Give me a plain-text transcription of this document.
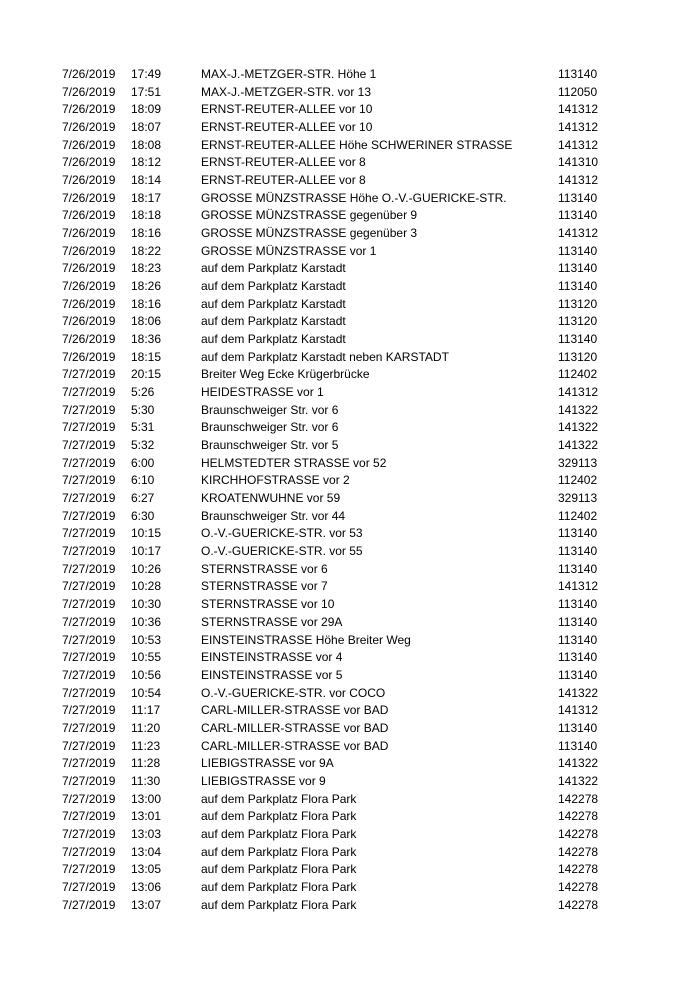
7/26/2019 17:49	MAX-J.-METZGER-STR. Höhe 1	113140
7/26/2019 17:51	MAX-J.-METZGER-STR. vor 13	112050
7/26/2019 18:09	ERNST-REUTER-ALLEE vor 10	141312
7/26/2019 18:07	ERNST-REUTER-ALLEE vor 10	141312
7/26/2019 18:08	ERNST-REUTER-ALLEE Höhe SCHWERINER STRASSE	141312
7/26/2019 18:12	ERNST-REUTER-ALLEE vor 8	141310
7/26/2019 18:14	ERNST-REUTER-ALLEE vor 8	141312
7/26/2019 18:17	GROSSE MÜNZSTRASSE Höhe O.-V.-GUERICKE-STR.	113140
7/26/2019 18:18	GROSSE MÜNZSTRASSE gegenüber 9	113140
7/26/2019 18:16	GROSSE MÜNZSTRASSE gegenüber 3	141312
7/26/2019 18:22	GROSSE MÜNZSTRASSE vor 1	113140
7/26/2019 18:23	auf dem Parkplatz Karstadt	113140
7/26/2019 18:26	auf dem Parkplatz Karstadt	113140
7/26/2019 18:16	auf dem Parkplatz Karstadt	113120
7/26/2019 18:06	auf dem Parkplatz Karstadt	113120
7/26/2019 18:36	auf dem Parkplatz Karstadt	113140
7/26/2019 18:15	auf dem Parkplatz Karstadt neben KARSTADT	113120
7/27/2019 20:15	Breiter Weg Ecke Krügerbrücke	112402
7/27/2019 5:26	HEIDESTRASSE vor 1	141312
7/27/2019 5:30	Braunschweiger Str. vor 6	141322
7/27/2019 5:31	Braunschweiger Str. vor 6	141322
7/27/2019 5:32	Braunschweiger Str. vor 5	141322
7/27/2019 6:00	HELMSTEDTER STRASSE vor 52	329113
7/27/2019 6:10	KIRCHHOFSTRASSE vor 2	112402
7/27/2019 6:27	KROATENWUHNE vor 59	329113
7/27/2019 6:30	Braunschweiger Str. vor 44	112402
7/27/2019 10:15	O.-V.-GUERICKE-STR. vor 53	113140
7/27/2019 10:17	O.-V.-GUERICKE-STR. vor 55	113140
7/27/2019 10:26	STERNSTRASSE vor 6	113140
7/27/2019 10:28	STERNSTRASSE vor 7	141312
7/27/2019 10:30	STERNSTRASSE vor 10	113140
7/27/2019 10:36	STERNSTRASSE vor 29A	113140
7/27/2019 10:53	EINSTEINSTRASSE Höhe Breiter Weg	113140
7/27/2019 10:55	EINSTEINSTRASSE vor 4	113140
7/27/2019 10:56	EINSTEINSTRASSE vor 5	113140
7/27/2019 10:54	O.-V.-GUERICKE-STR. vor COCO	141322
7/27/2019 11:17	CARL-MILLER-STRASSE vor BAD	141312
7/27/2019 11:20	CARL-MILLER-STRASSE vor BAD	113140
7/27/2019 11:23	CARL-MILLER-STRASSE vor BAD	113140
7/27/2019 11:28	LIEBIGSTRASSE vor 9A	141322
7/27/2019 11:30	LIEBIGSTRASSE vor 9	141322
7/27/2019 13:00	auf dem Parkplatz Flora Park	142278
7/27/2019 13:01	auf dem Parkplatz Flora Park	142278
7/27/2019 13:03	auf dem Parkplatz Flora Park	142278
7/27/2019 13:04	auf dem Parkplatz Flora Park	142278
7/27/2019 13:05	auf dem Parkplatz Flora Park	142278
7/27/2019 13:06	auf dem Parkplatz Flora Park	142278
7/27/2019 13:07	auf dem Parkplatz Flora Park	142278
